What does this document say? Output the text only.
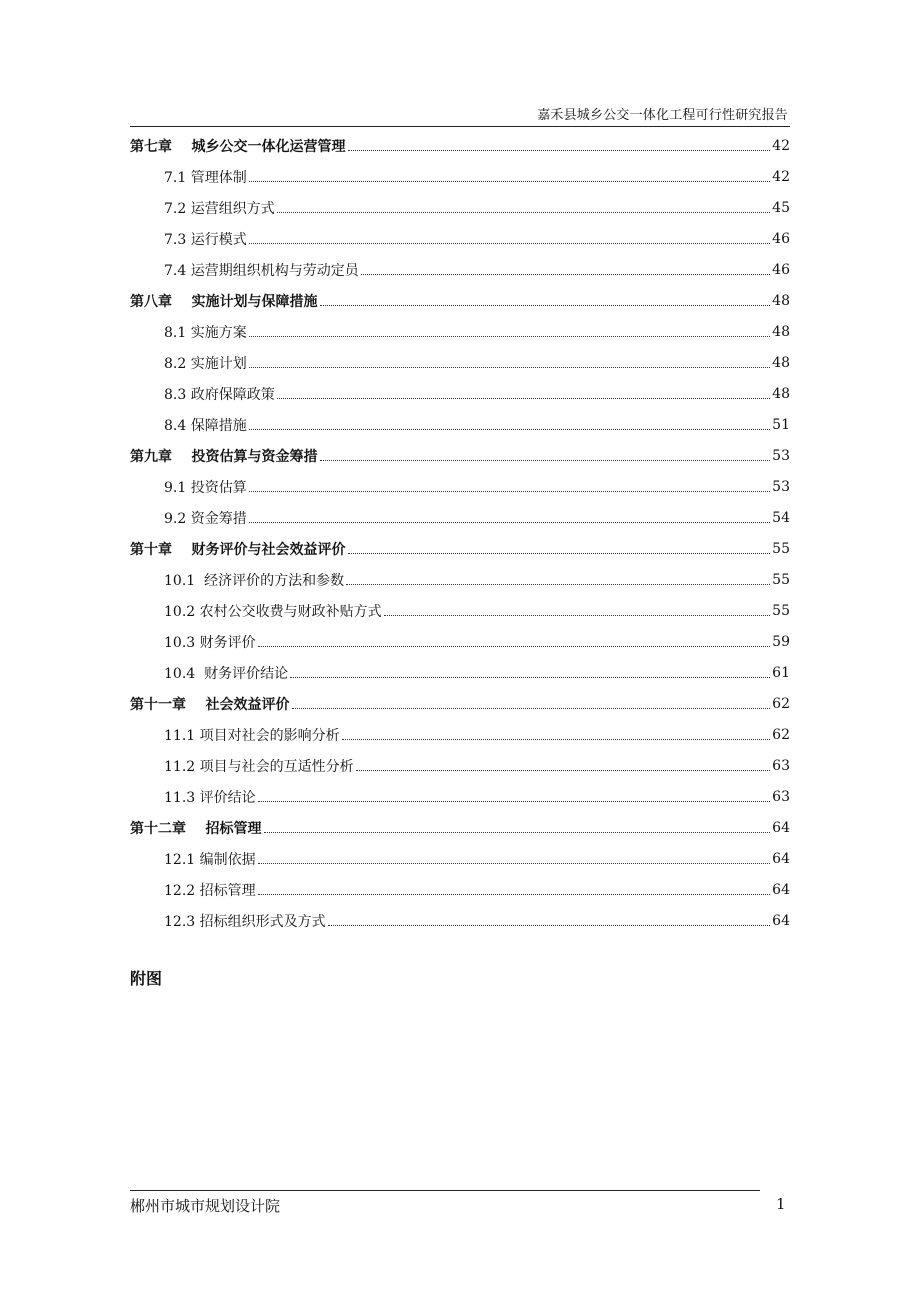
嘉禾县城乡公交一体化工程可行性研究报告
第七章    城乡公交一体化运营管理	42
7.1 管理体制	42
7.2 运营组织方式	45
7.3 运行模式	46
7.4 运营期组织机构与劳动定员	46
第八章    实施计划与保障措施	48
8.1 实施方案	48
8.2 实施计划	48
8.3 政府保障政策	48
8.4 保障措施	51
第九章    投资估算与资金筹措	53
9.1 投资估算	53
9.2 资金筹措	54
第十章    财务评价与社会效益评价	55
10.1  经济评价的方法和参数	55
10.2 农村公交收费与财政补贴方式	55
10.3 财务评价	59
10.4  财务评价结论	61
第十一章    社会效益评价	62
11.1 项目对社会的影响分析	62
11.2 项目与社会的互适性分析	63
11.3 评价结论	63
第十二章    招标管理	64
12.1 编制依据	64
12.2 招标管理	64
12.3 招标组织形式及方式	64
附图
郴州市城市规划设计院	1
